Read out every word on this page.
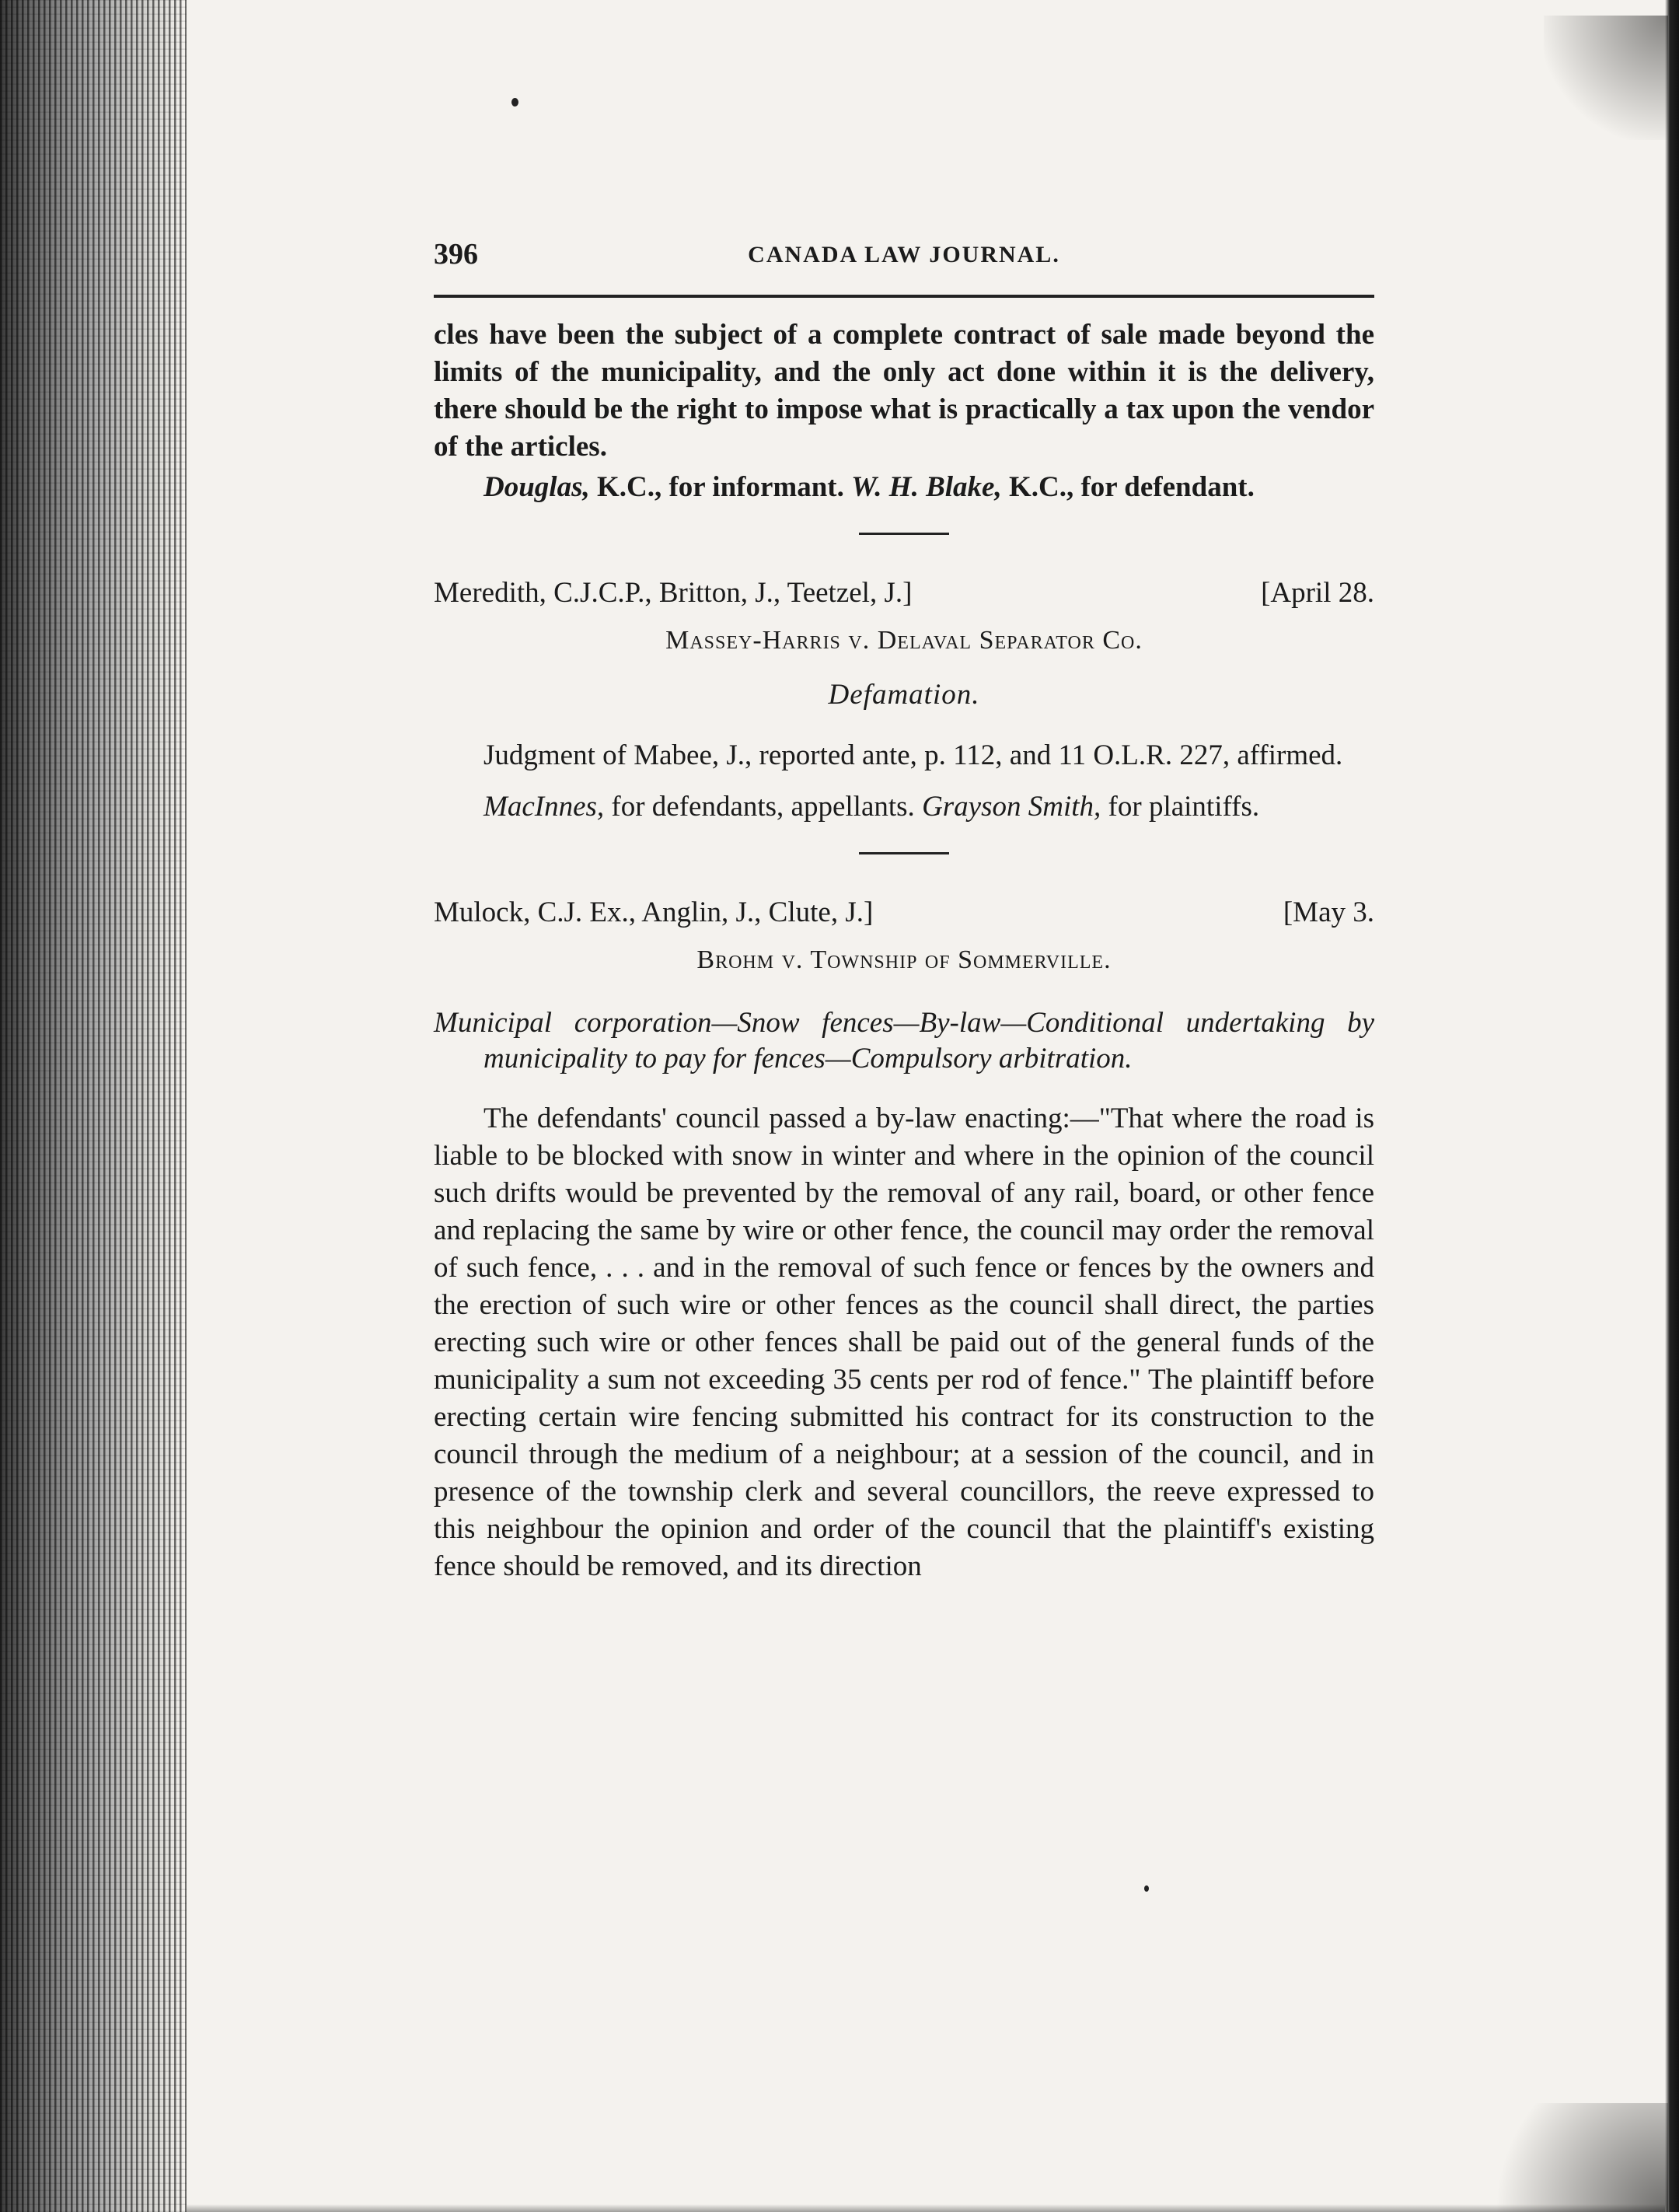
396	CANADA LAW JOURNAL.

cles have been the subject of a complete contract of sale made beyond the limits of the municipality, and the only act done within it is the delivery, there should be the right to impose what is practically a tax upon the vendor of the articles.

Douglas, K.C., for informant. W. H. Blake, K.C., for defendant.

Meredith, C.J.C.P., Britton, J., Teetzel, J.]	[April 28.

Massey-Harris v. Delaval Separator Co.

Defamation.

Judgment of Mabee, J., reported ante, p. 112, and 11 O.L.R. 227, affirmed.

MacInnes, for defendants, appellants. Grayson Smith, for plaintiffs.

Mulock, C.J. Ex., Anglin, J., Clute, J.]	[May 3.

Brohm v. Township of Sommerville.

Municipal corporation—Snow fences—By-law—Conditional undertaking by municipality to pay for fences—Compulsory arbitration.

The defendants' council passed a by-law enacting:—"That where the road is liable to be blocked with snow in winter and where in the opinion of the council such drifts would be prevented by the removal of any rail, board, or other fence and replacing the same by wire or other fence, the council may order the removal of such fence, . . . and in the removal of such fence or fences by the owners and the erection of such wire or other fences as the council shall direct, the parties erecting such wire or other fences shall be paid out of the general funds of the municipality a sum not exceeding 35 cents per rod of fence." The plaintiff before erecting certain wire fencing submitted his contract for its construction to the council through the medium of a neighbour; at a session of the council, and in presence of the township clerk and several councillors, the reeve expressed to this neighbour the opinion and order of the council that the plaintiff's existing fence should be removed, and its direction
